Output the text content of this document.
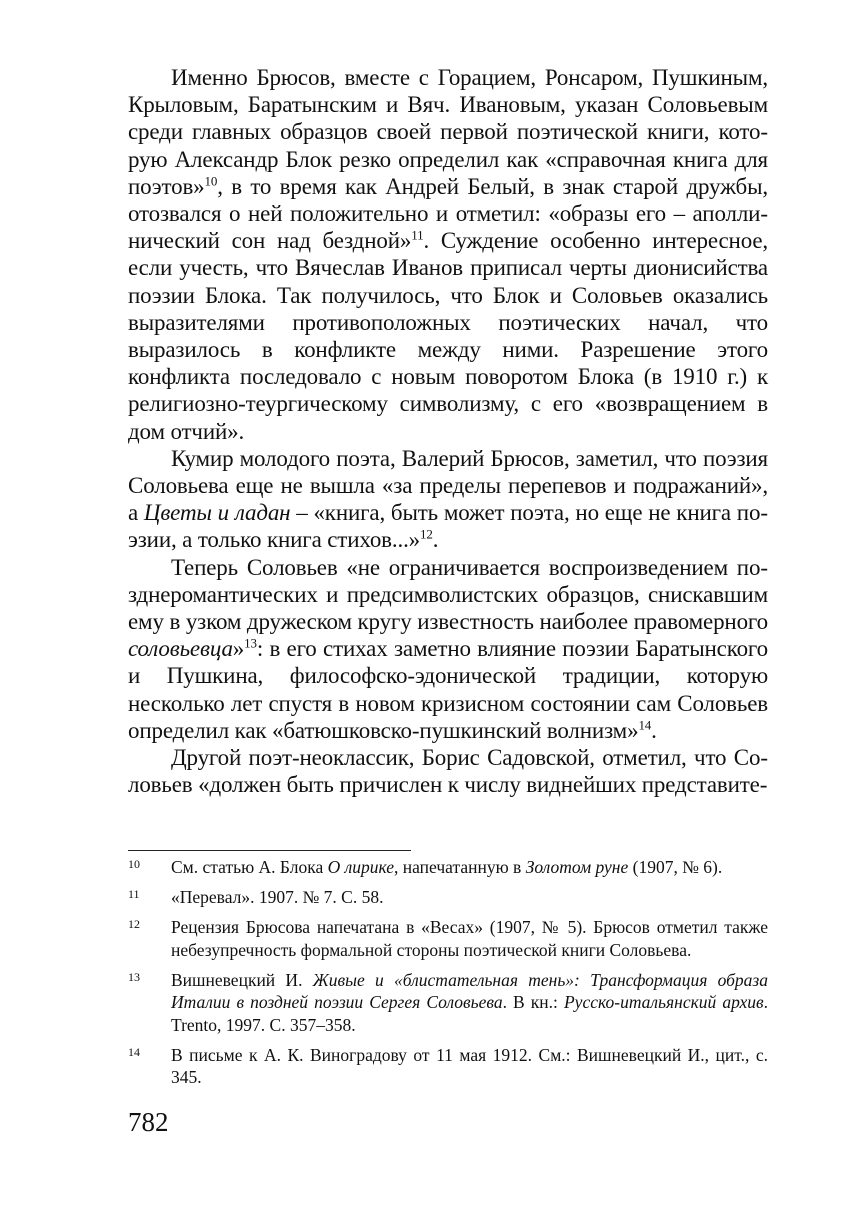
Именно Брюсов, вместе с Горацием, Ронсаром, Пушкиным, Крыловым, Баратынским и Вяч. Ивановым, указан Соловьевым среди главных образцов своей первой поэтической книги, которую Александр Блок резко определил как «справочная книга для поэтов»$^{10}$, в то время как Андрей Белый, в знак старой дружбы, отозвался о ней положительно и отметил: «образы его – аполлинический сон над бездной»$^{11}$. Суждение особенно интересное, если учесть, что Вячеслав Иванов приписал черты дионисийства поэзии Блока. Так получилось, что Блок и Соловьев оказались выразителями противоположных поэтических начал, что выразилось в конфликте между ними. Разрешение этого конфликта последовало с новым поворотом Блока (в 1910 г.) к религиозно-теургическому символизму, с его «возвращением в дом отчий».

Кумир молодого поэта, Валерий Брюсов, заметил, что поэзия Соловьева еще не вышла «за пределы перепевов и подражаний», а Цветы и ладан – «книга, быть может поэта, но еще не книга поэзии, а только книга стихов...»$^{12}$.

Теперь Соловьев «не ограничивается воспроизведением позднеромантических и предсимволистских образцов, снискавшим ему в узком дружеском кругу известность наиболее правомерного соловьевца»$^{13}$: в его стихах заметно влияние поэзии Баратынского и Пушкина, философско-эдонической традиции, которую несколько лет спустя в новом кризисном состоянии сам Соловьев определил как «батюшковско-пушкинский волнизм»$^{14}$.

Другой поэт-неоклассик, Борис Садовской, отметил, что Соловьев «должен быть причислен к числу виднейших представите-

10 См. статью А. Блока О лирике, напечатанную в Золотом руне (1907, № 6).
11 «Перевал». 1907. № 7. С. 58.
12 Рецензия Брюсова напечатана в «Весах» (1907, № 5). Брюсов отметил также небезупречность формальной стороны поэтической книги Соловьева.
13 Вишневецкий И. Живые и «блистательная тень»: Трансформация образа Италии в поздней поэзии Сергея Соловьева. В кн.: Русско-итальянский архив. Trento, 1997. С. 357–358.
14 В письме к А. К. Виноградову от 11 мая 1912. См.: Вишневецкий И., цит., с. 345.
782
